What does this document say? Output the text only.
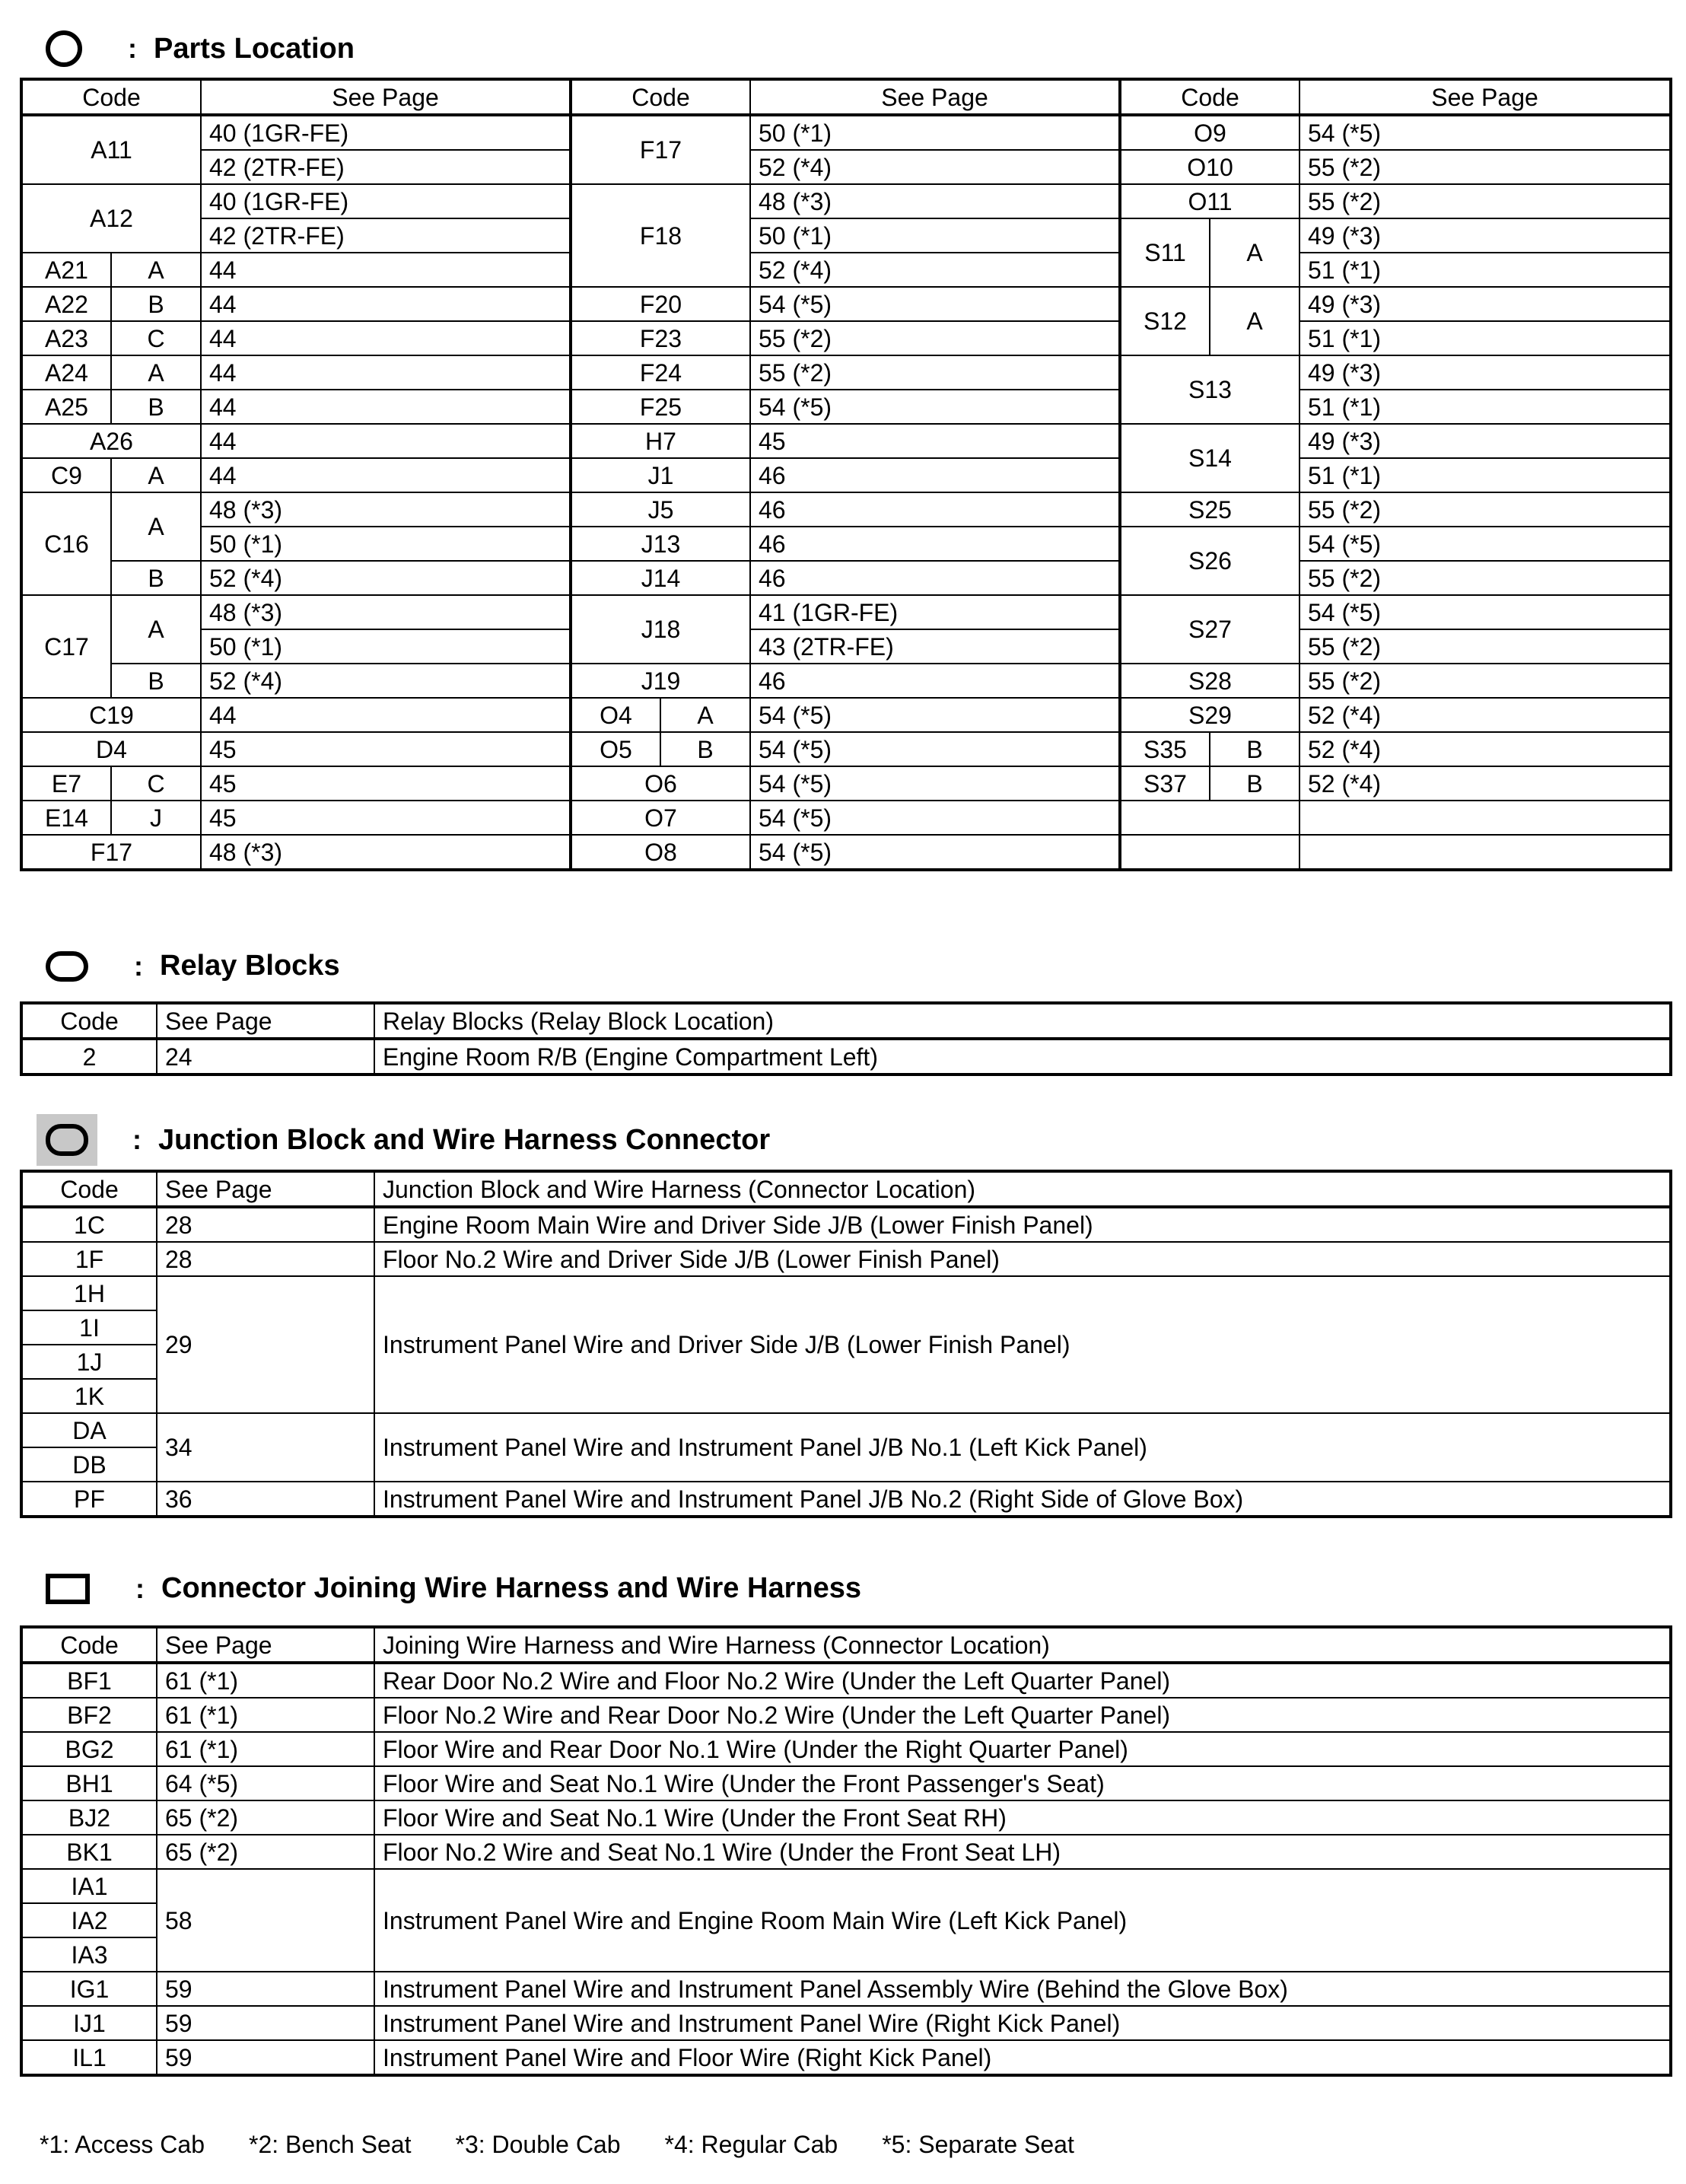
: Parts Location
Code		See Page	Code		See Page	Code		See Page
A11		40 (1GR-FE)	F17		50 (*1)	O9		54 (*5)
		42 (2TR-FE)			52 (*4)	O10		55 (*2)
A12		40 (1GR-FE)	F18		48 (*3)	O11		55 (*2)
		42 (2TR-FE)			50 (*1)	S11	A	49 (*3)
A21	A	44			52 (*4)			51 (*1)
A22	B	44	F20		54 (*5)	S12	A	49 (*3)
A23	C	44	F23		55 (*2)			51 (*1)
A24	A	44	F24		55 (*2)	S13		49 (*3)
A25	B	44	F25		54 (*5)			51 (*1)
A26		44	H7		45	S14		49 (*3)
C9	A	44	J1		46			51 (*1)
C16	A	48 (*3)	J5		46	S25		55 (*2)
		50 (*1)	J13		46	S26		54 (*5)
	B	52 (*4)	J14		46			55 (*2)
C17	A	48 (*3)	J18		41 (1GR-FE)	S27		54 (*5)
		50 (*1)			43 (2TR-FE)			55 (*2)
	B	52 (*4)	J19		46	S28		55 (*2)
C19		44	O4	A	54 (*5)	S29		52 (*4)
D4		45	O5	B	54 (*5)	S35	B	52 (*4)
E7	C	45	O6		54 (*5)	S37	B	52 (*4)
E14	J	45	O7		54 (*5)			
F17		48 (*3)	O8		54 (*5)			
: Relay Blocks
Code	See Page	Relay Blocks (Relay Block Location)
2	24	Engine Room R/B (Engine Compartment Left)
: Junction Block and Wire Harness Connector
Code	See Page	Junction Block and Wire Harness (Connector Location)
1C	28	Engine Room Main Wire and Driver Side J/B (Lower Finish Panel)
1F	28	Floor No.2 Wire and Driver Side J/B (Lower Finish Panel)
1H	29	Instrument Panel Wire and Driver Side J/B (Lower Finish Panel)
1I		
1J		
1K		
DA	34	Instrument Panel Wire and Instrument Panel J/B No.1 (Left Kick Panel)
DB		
PF	36	Instrument Panel Wire and Instrument Panel J/B No.2 (Right Side of Glove Box)
: Connector Joining Wire Harness and Wire Harness
Code	See Page	Joining Wire Harness and Wire Harness (Connector Location)
BF1	61 (*1)	Rear Door No.2 Wire and Floor No.2 Wire (Under the Left Quarter Panel)
BF2	61 (*1)	Floor No.2 Wire and Rear Door No.2 Wire (Under the Left Quarter Panel)
BG2	61 (*1)	Floor Wire and Rear Door No.1 Wire (Under the Right Quarter Panel)
BH1	64 (*5)	Floor Wire and Seat No.1 Wire (Under the Front Passenger's Seat)
BJ2	65 (*2)	Floor Wire and Seat No.1 Wire (Under the Front Seat RH)
BK1	65 (*2)	Floor No.2 Wire and Seat No.1 Wire (Under the Front Seat LH)
IA1	58	Instrument Panel Wire and Engine Room Main Wire (Left Kick Panel)
IA2		
IA3		
IG1	59	Instrument Panel Wire and Instrument Panel Assembly Wire (Behind the Glove Box)
IJ1	59	Instrument Panel Wire and Instrument Panel Wire (Right Kick Panel)
IL1	59	Instrument Panel Wire and Floor Wire (Right Kick Panel)
*1: Access Cab *2: Bench Seat *3: Double Cab *4: Regular Cab *5: Separate Seat
